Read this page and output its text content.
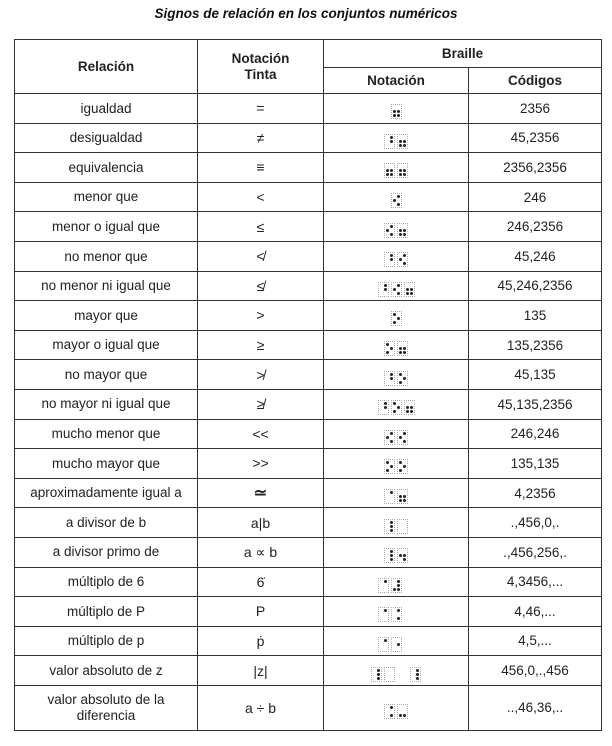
Signos de relación en los conjuntos numéricos
Relación	Notación Tinta	Braille	
		Notación	Códigos
igualdad	=		2356
desigualdad	≠		45,2356
equivalencia	≡		2356,2356
menor que	<		246
menor o igual que	≤		246,2356
no menor que	≮		45,246
no menor ni igual que	≰		45,246,2356
mayor que	>		135
mayor o igual que	≥		135,2356
no mayor que	≯		45,135
no mayor ni igual que	≱		45,135,2356
mucho menor que	<<		246,246
mucho mayor que	>>		135,135
aproximadamente igual a	≃		4,2356
a divisor de b	a|b		.,456,0,.
a divisor primo de	a ∝ b		.,456,256,.
múltiplo de 6	6̇		4,3456,...
múltiplo de P	P		4,46,...
múltiplo de p	ṗ		4,5,...
valor absoluto de z	|z|		456,0,.,456
valor absoluto de la diferencia	a ÷ b		..,46,36,..
